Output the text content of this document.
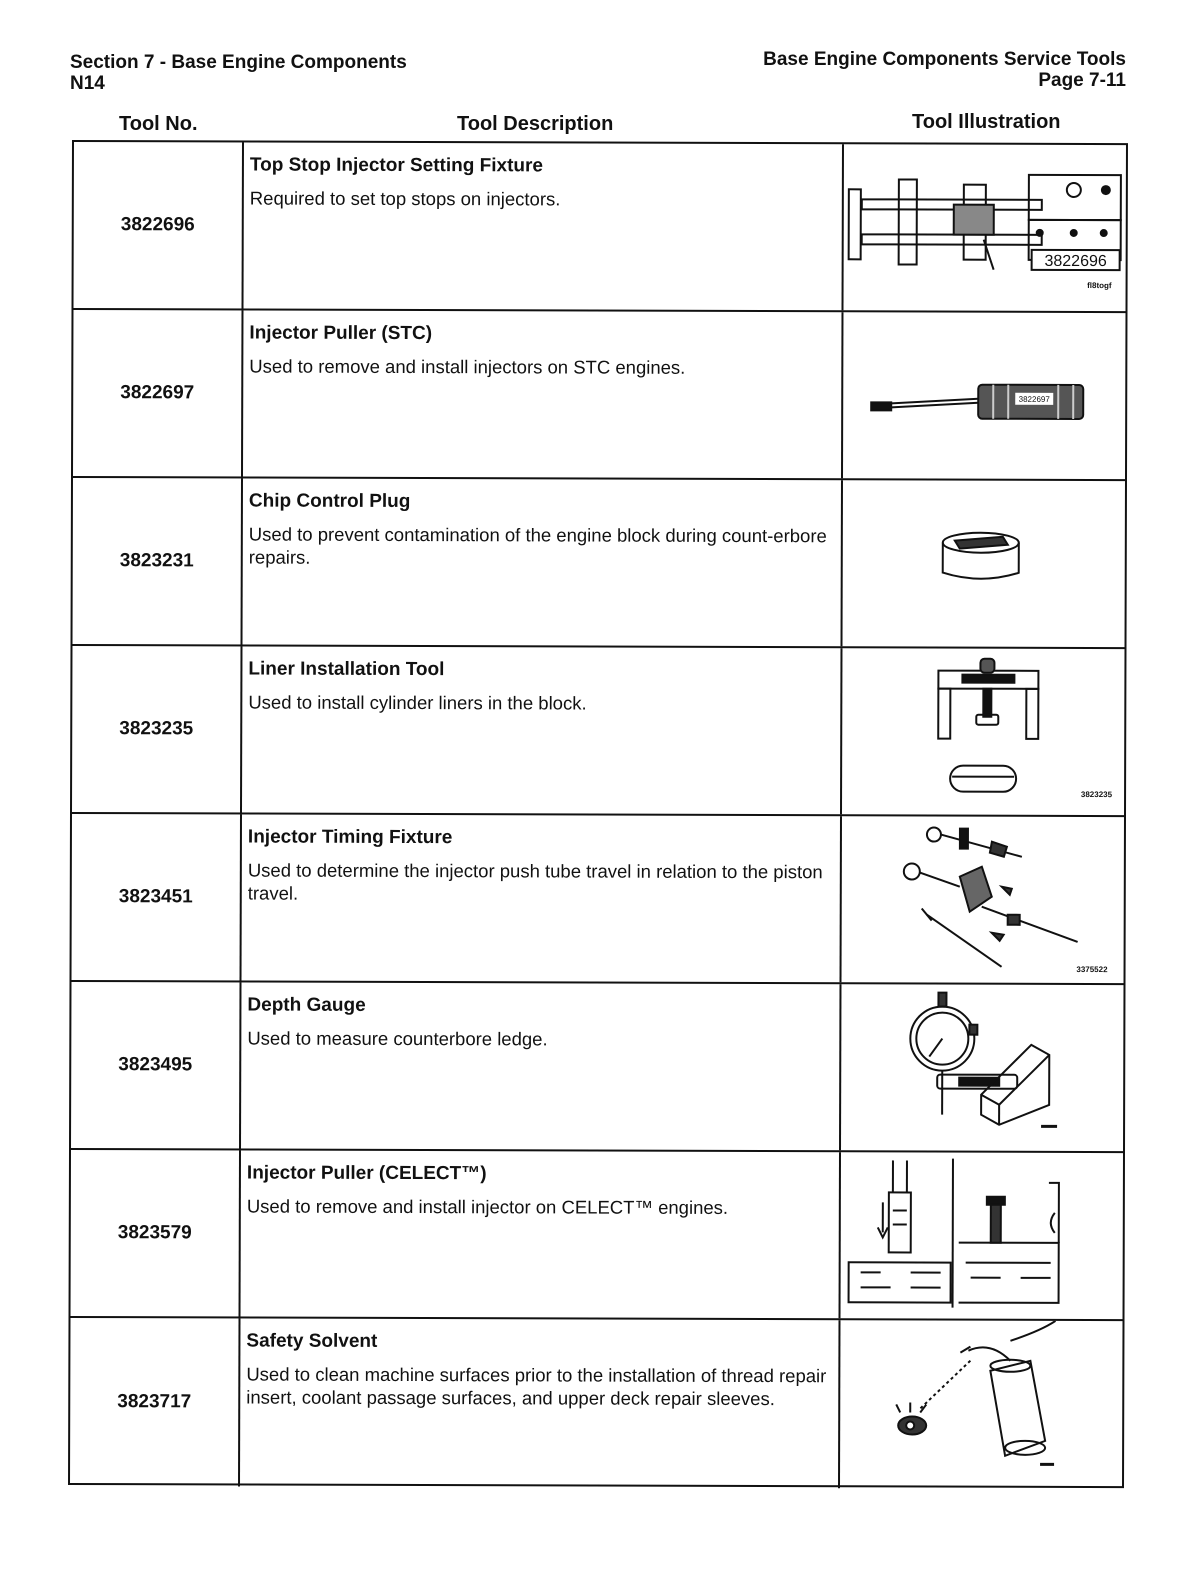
Section 7 - Base Engine Components
N14
Base Engine Components Service Tools
Page 7-11
Tool No.	Tool Description	Tool Illustration
3822696
Top Stop Injector Setting Fixture
Required to set top stops on injectors.
3822696
fl8togf
3822697
Injector Puller (STC)
Used to remove and install injectors on STC engines.
3822697
3823231
Chip Control Plug
Used to prevent contamination of the engine block during count-erbore repairs.
3823235
Liner Installation Tool
Used to install cylinder liners in the block.
3823235
3823451
Injector Timing Fixture
Used to determine the injector push tube travel in relation to the piston travel.
3375522
3823495
Depth Gauge
Used to measure counterbore ledge.
3823579
Injector Puller (CELECT™)
Used to remove and install injector on CELECT™ engines.
3823717
Safety Solvent
Used to clean machine surfaces prior to the installation of thread repair insert, coolant passage surfaces, and upper deck repair sleeves.
